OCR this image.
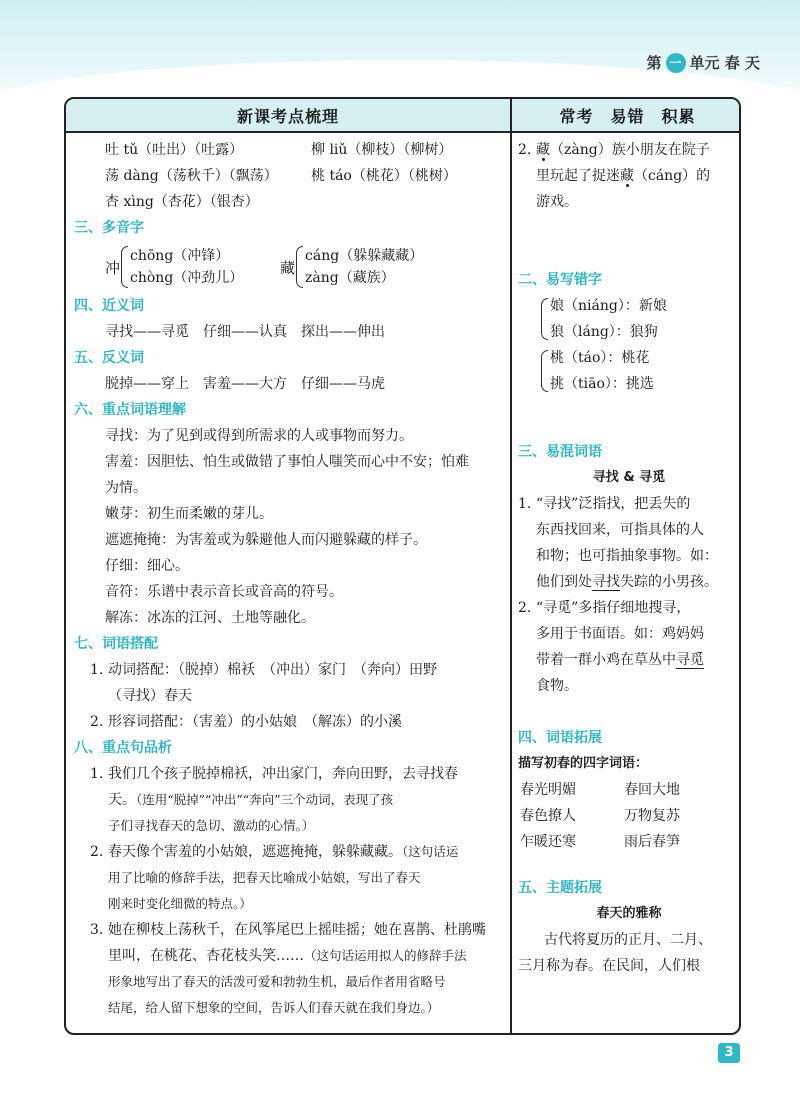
第 一 单元 春 天
新课考点梳理	常考　易错　积累
吐 tǔ（吐出）（吐露）	柳 liǔ（柳枝）（柳树）
荡 dàng（荡秋千）（飘荡）	桃 táo（桃花）（桃树）
杏 xìng（杏花）（银杏）
三、多音字
冲
chōng（冲锋）
chòng（冲劲儿）
藏
cáng（躲躲藏藏）
zàng（藏族）
四、近义词
寻找——寻觅　仔细——认真　探出——伸出
五、反义词
脱掉——穿上　害羞——大方　仔细——马虎
六、重点词语理解
寻找：为了见到或得到所需求的人或事物而努力。
害羞：因胆怯、怕生或做错了事怕人嗤笑而心中不安；怕难
为情。
嫩芽：初生而柔嫩的芽儿。
遮遮掩掩：为害羞或为躲避他人而闪避躲藏的样子。
仔细：细心。
音符：乐谱中表示音长或音高的符号。
解冻：冰冻的江河、土地等融化。
七、词语搭配
1. 动词搭配：（脱掉）棉袄　（冲出）家门　（奔向）田野
（寻找）春天
2. 形容词搭配：（害羞）的小姑娘　（解冻）的小溪
八、重点句品析
1. 我们几个孩子脱掉棉袄，冲出家门，奔向田野，去寻找春
天。（连用“脱掉”“冲出”“奔向”三个动词，表现了孩
子们寻找春天的急切、激动的心情。）
2. 春天像个害羞的小姑娘，遮遮掩掩，躲躲藏藏。（这句话运
用了比喻的修辞手法，把春天比喻成小姑娘，写出了春天
刚来时变化细微的特点。）
3. 她在柳枝上荡秋千，在风筝尾巴上摇哇摇；她在喜鹊、杜鹃嘴
里叫，在桃花、杏花枝头笑……（这句话运用拟人的修辞手法
形象地写出了春天的活泼可爱和勃勃生机，最后作者用省略号
结尾，给人留下想象的空间，告诉人们春天就在我们身边。）
2. 藏（zàng）族小朋友在院子
里玩起了捉迷藏（cáng）的
游戏。
二、易写错字
娘（niáng）：新娘
狼（láng）：狼狗
桃（táo）：桃花
挑（tiāo）：挑选
三、易混词语
寻找 & 寻觅
1. “寻找”泛指找，把丢失的
东西找回来，可指具体的人
和物；也可指抽象事物。如：
他们到处寻找失踪的小男孩。
2. “寻觅”多指仔细地搜寻，
多用于书面语。如：鸡妈妈
带着一群小鸡在草丛中寻觅
食物。
四、词语拓展
描写初春的四字词语：
春光明媚	春回大地
春色撩人	万物复苏
乍暖还寒	雨后春笋
五、主题拓展
春天的雅称
古代将夏历的正月、二月、
三月称为春。在民间，人们根
3
